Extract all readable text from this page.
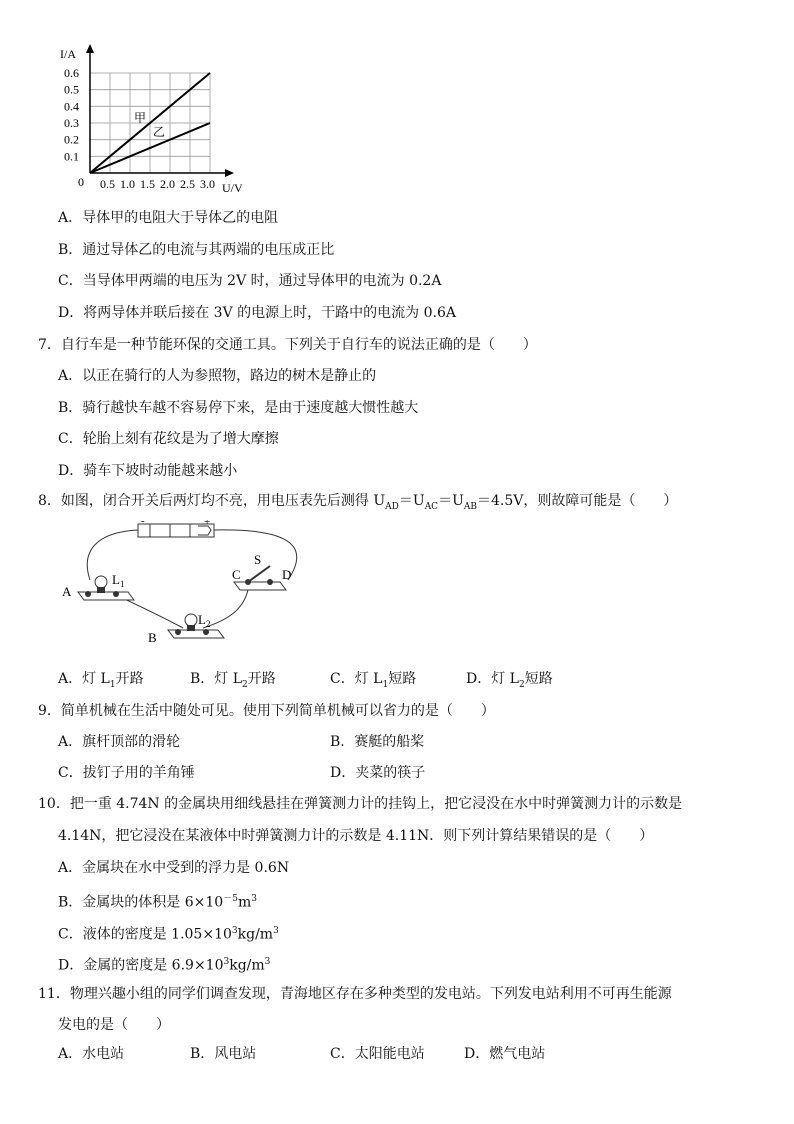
I/A
U/V
0
0.6
0.5
0.4
0.3
0.2
0.1
0.5 1.0 1.5 2.0 2.5 3.0
甲
乙
A．导体甲的电阻大于导体乙的电阻
B．通过导体乙的电流与其两端的电压成正比
C．当导体甲两端的电压为 2V 时，通过导体甲的电流为 0.2A
D．将两导体并联后接在 3V 的电源上时，干路中的电流为 0.6A
7．自行车是一种节能环保的交通工具。下列关于自行车的说法正确的是（　　）
A．以正在骑行的人为参照物，路边的树木是静止的
B．骑行越快车越不容易停下来，是由于速度越大惯性越大
C．轮胎上刻有花纹是为了增大摩擦
D．骑车下坡时动能越来越小
8．如图，闭合开关后两灯均不亮，用电压表先后测得 $U_{AD}=U_{AC}=U_{AB}=4.5V$，则故障可能是（　　）
-	+
L 1
A
L 2
B
S
C	D
A．灯 $L_1$开路	B．灯 $L_2$开路	C．灯 $L_1$短路	D．灯 $L_2$短路
9．简单机械在生活中随处可见。使用下列简单机械可以省力的是（　　）
A．旗杆顶部的滑轮	B．赛艇的船桨
C．拔钉子用的羊角锤	D．夹菜的筷子
10．把一重 4.74N 的金属块用细线悬挂在弹簧测力计的挂钩上，把它浸没在水中时弹簧测力计的示数是
4.14N，把它浸没在某液体中时弹簧测力计的示数是 4.11N．则下列计算结果错误的是（　　）
A．金属块在水中受到的浮力是 0.6N
B．金属块的体积是 $6\times 10^{-5}m^3$
C．液体的密度是 $1.05\times 10^3kg/m^3$
D．金属的密度是 $6.9\times 10^3kg/m^3$
11．物理兴趣小组的同学们调查发现，青海地区存在多种类型的发电站。下列发电站利用不可再生能源
发电的是（　　）
A．水电站	B．风电站	C．太阳能电站	D．燃气电站
